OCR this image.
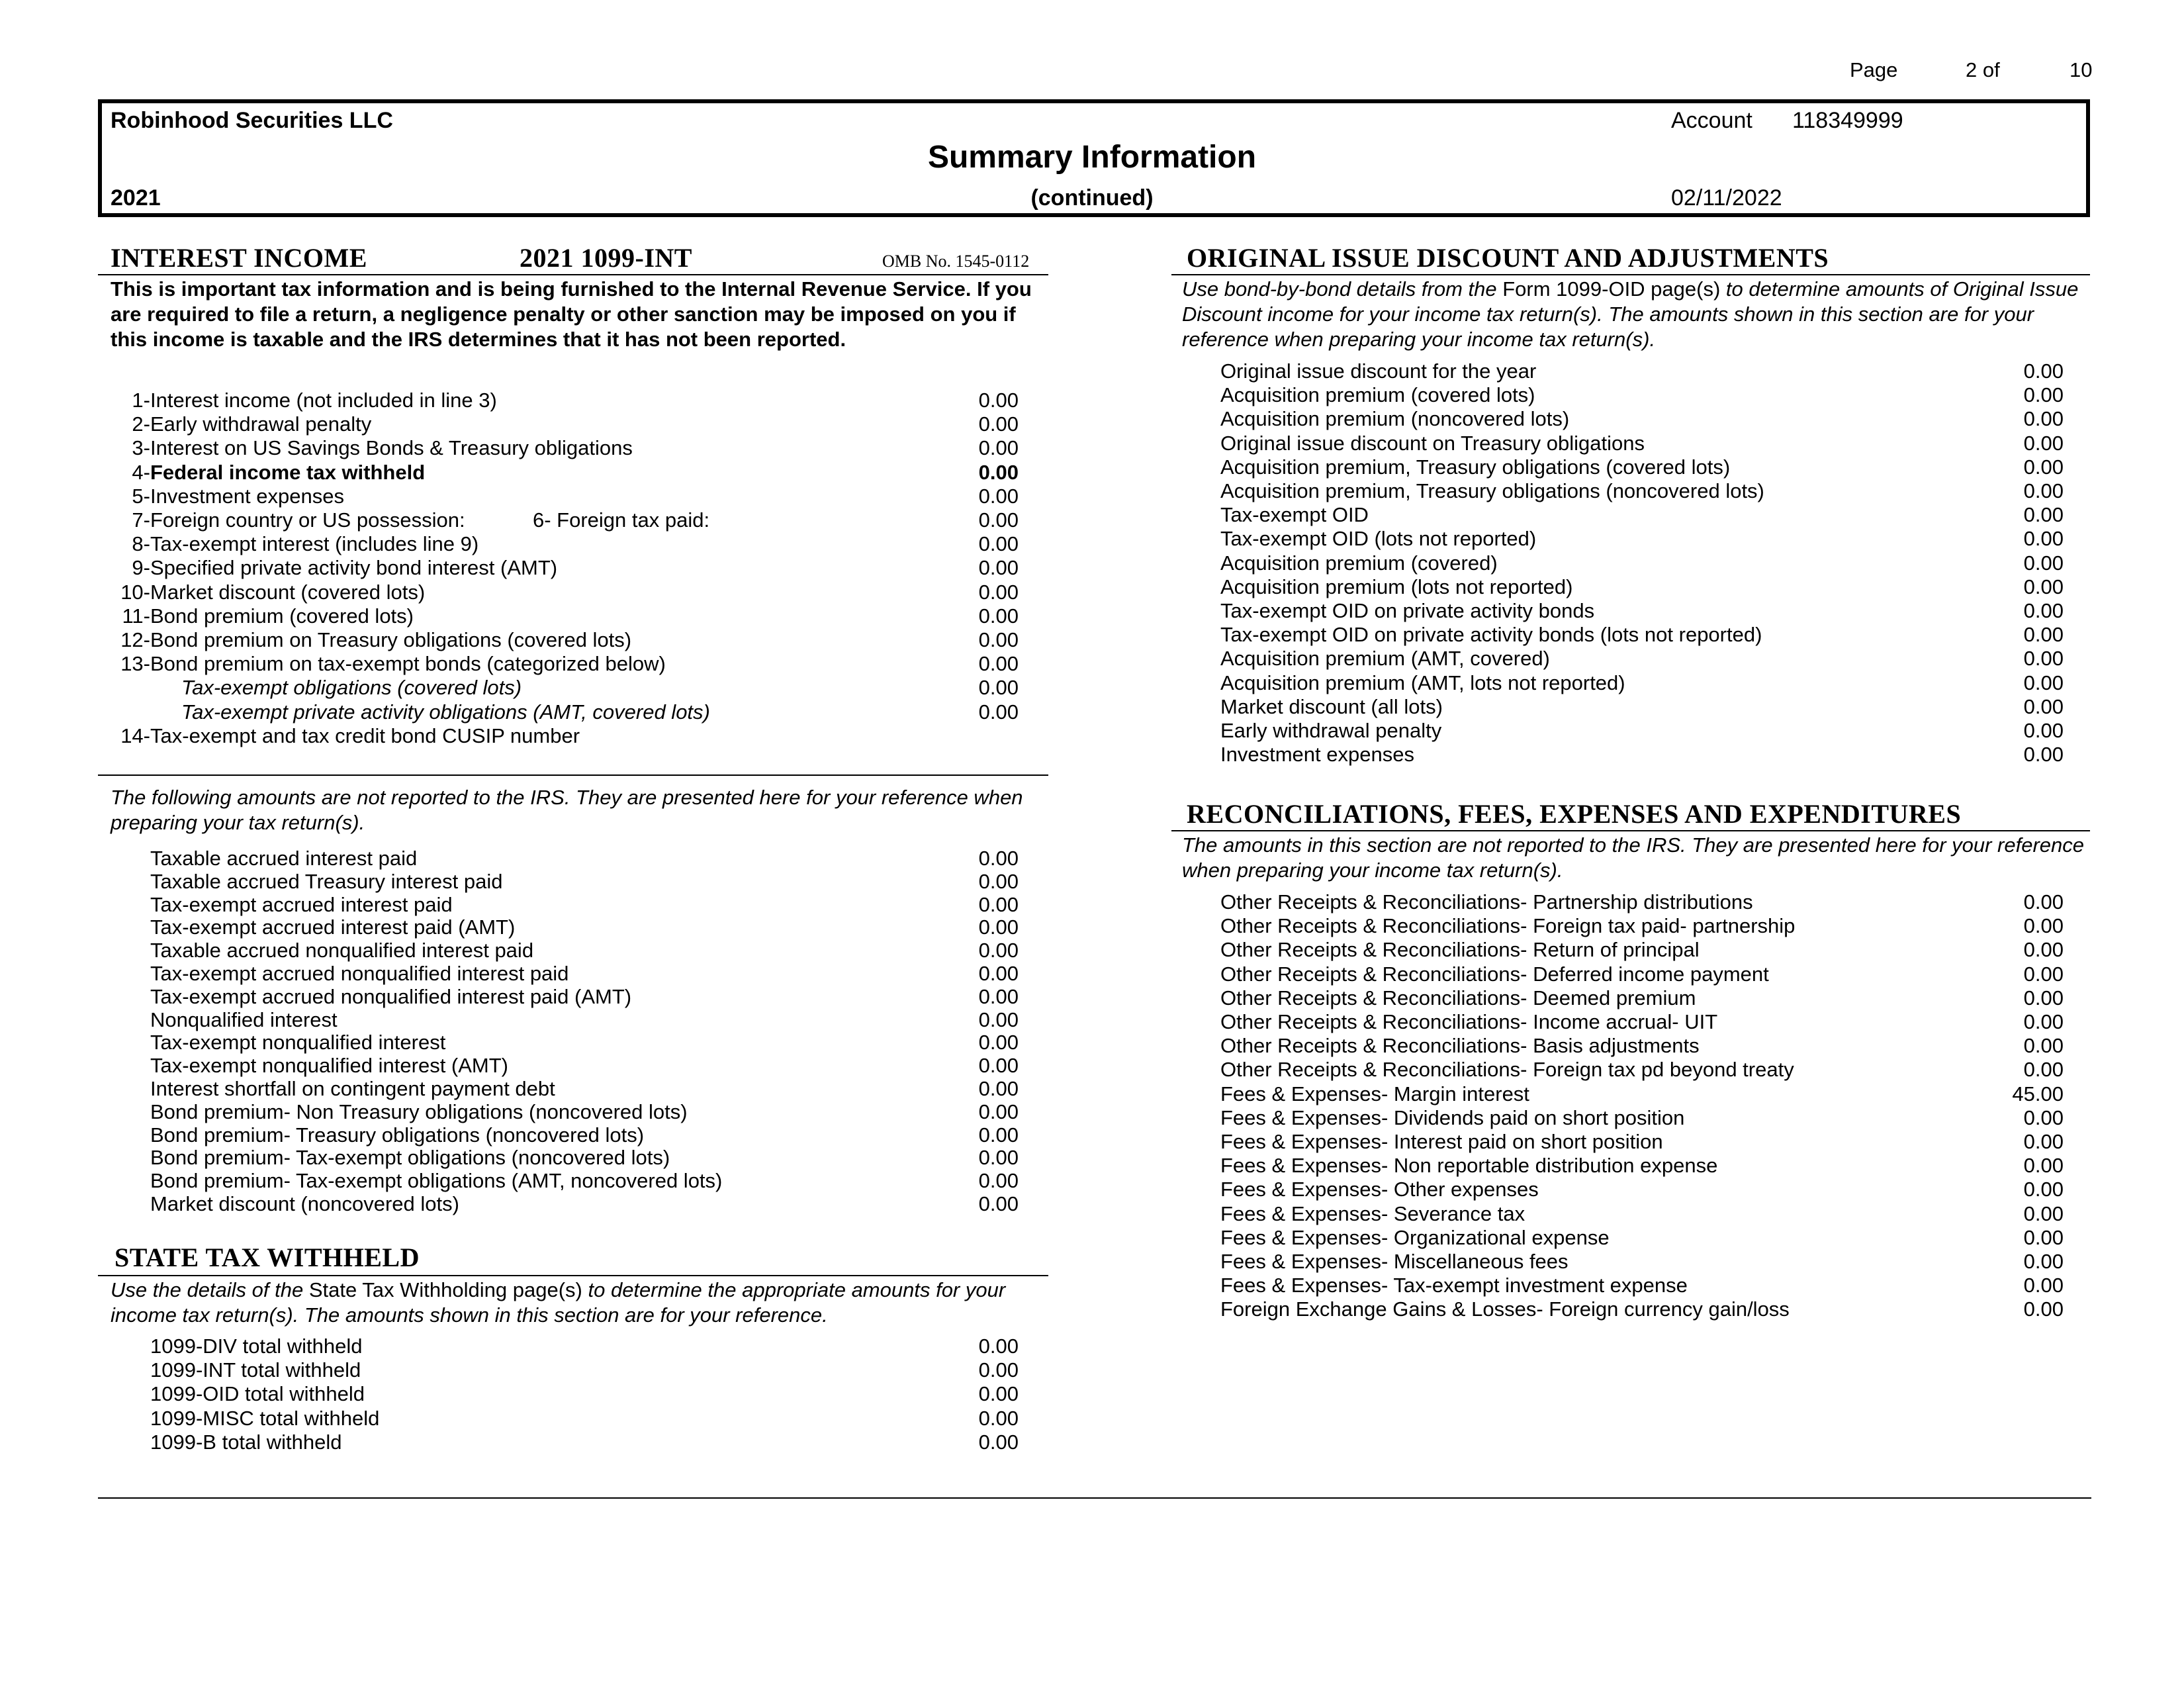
Page	2 of	10
Robinhood Securities LLC	Account 118349999
Summary Information
2021	(continued)	02/11/2022
INTEREST INCOME	2021 1099-INT	OMB No. 1545-0112
This is important tax information and is being furnished to the Internal Revenue Service. If you are required to file a return, a negligence penalty or other sanction may be imposed on you if this income is taxable and the IRS determines that it has not been reported.
1- Interest income (not included in line 3)	0.00
2- Early withdrawal penalty	0.00
3- Interest on US Savings Bonds & Treasury obligations	0.00
4- Federal income tax withheld	0.00
5- Investment expenses	0.00
7- Foreign country or US possession:	6- Foreign tax paid:	0.00
8- Tax-exempt interest (includes line 9)	0.00
9- Specified private activity bond interest (AMT)	0.00
10- Market discount (covered lots)	0.00
11- Bond premium (covered lots)	0.00
12- Bond premium on Treasury obligations (covered lots)	0.00
13- Bond premium on tax-exempt bonds (categorized below)	0.00
Tax-exempt obligations (covered lots)	0.00
Tax-exempt private activity obligations (AMT, covered lots)	0.00
14- Tax-exempt and tax credit bond CUSIP number
The following amounts are not reported to the IRS. They are presented here for your reference when preparing your tax return(s).
Taxable accrued interest paid	0.00
Taxable accrued Treasury interest paid	0.00
Tax-exempt accrued interest paid	0.00
Tax-exempt accrued interest paid (AMT)	0.00
Taxable accrued nonqualified interest paid	0.00
Tax-exempt accrued nonqualified interest paid	0.00
Tax-exempt accrued nonqualified interest paid (AMT)	0.00
Nonqualified interest	0.00
Tax-exempt nonqualified interest	0.00
Tax-exempt nonqualified interest (AMT)	0.00
Interest shortfall on contingent payment debt	0.00
Bond premium- Non Treasury obligations (noncovered lots)	0.00
Bond premium- Treasury obligations (noncovered lots)	0.00
Bond premium- Tax-exempt obligations (noncovered lots)	0.00
Bond premium- Tax-exempt obligations (AMT, noncovered lots)	0.00
Market discount (noncovered lots)	0.00
STATE TAX WITHHELD
Use the details of the State Tax Withholding page(s) to determine the appropriate amounts for your income tax return(s). The amounts shown in this section are for your reference.
1099-DIV total withheld	0.00
1099-INT total withheld	0.00
1099-OID total withheld	0.00
1099-MISC total withheld	0.00
1099-B total withheld	0.00
ORIGINAL ISSUE DISCOUNT AND ADJUSTMENTS
Use bond-by-bond details from the Form 1099-OID page(s) to determine amounts of Original Issue Discount income for your income tax return(s). The amounts shown in this section are for your reference when preparing your income tax return(s).
Original issue discount for the year	0.00
Acquisition premium (covered lots)	0.00
Acquisition premium (noncovered lots)	0.00
Original issue discount on Treasury obligations	0.00
Acquisition premium, Treasury obligations (covered lots)	0.00
Acquisition premium, Treasury obligations (noncovered lots)	0.00
Tax-exempt OID	0.00
Tax-exempt OID (lots not reported)	0.00
Acquisition premium (covered)	0.00
Acquisition premium (lots not reported)	0.00
Tax-exempt OID on private activity bonds	0.00
Tax-exempt OID on private activity bonds (lots not reported)	0.00
Acquisition premium (AMT, covered)	0.00
Acquisition premium (AMT, lots not reported)	0.00
Market discount (all lots)	0.00
Early withdrawal penalty	0.00
Investment expenses	0.00
RECONCILIATIONS, FEES, EXPENSES AND EXPENDITURES
The amounts in this section are not reported to the IRS. They are presented here for your reference when preparing your income tax return(s).
Other Receipts & Reconciliations- Partnership distributions	0.00
Other Receipts & Reconciliations- Foreign tax paid- partnership	0.00
Other Receipts & Reconciliations- Return of principal	0.00
Other Receipts & Reconciliations- Deferred income payment	0.00
Other Receipts & Reconciliations- Deemed premium	0.00
Other Receipts & Reconciliations- Income accrual- UIT	0.00
Other Receipts & Reconciliations- Basis adjustments	0.00
Other Receipts & Reconciliations- Foreign tax pd beyond treaty	0.00
Fees & Expenses- Margin interest	45.00
Fees & Expenses- Dividends paid on short position	0.00
Fees & Expenses- Interest paid on short position	0.00
Fees & Expenses- Non reportable distribution expense	0.00
Fees & Expenses- Other expenses	0.00
Fees & Expenses- Severance tax	0.00
Fees & Expenses- Organizational expense	0.00
Fees & Expenses- Miscellaneous fees	0.00
Fees & Expenses- Tax-exempt investment expense	0.00
Foreign Exchange Gains & Losses- Foreign currency gain/loss	0.00
